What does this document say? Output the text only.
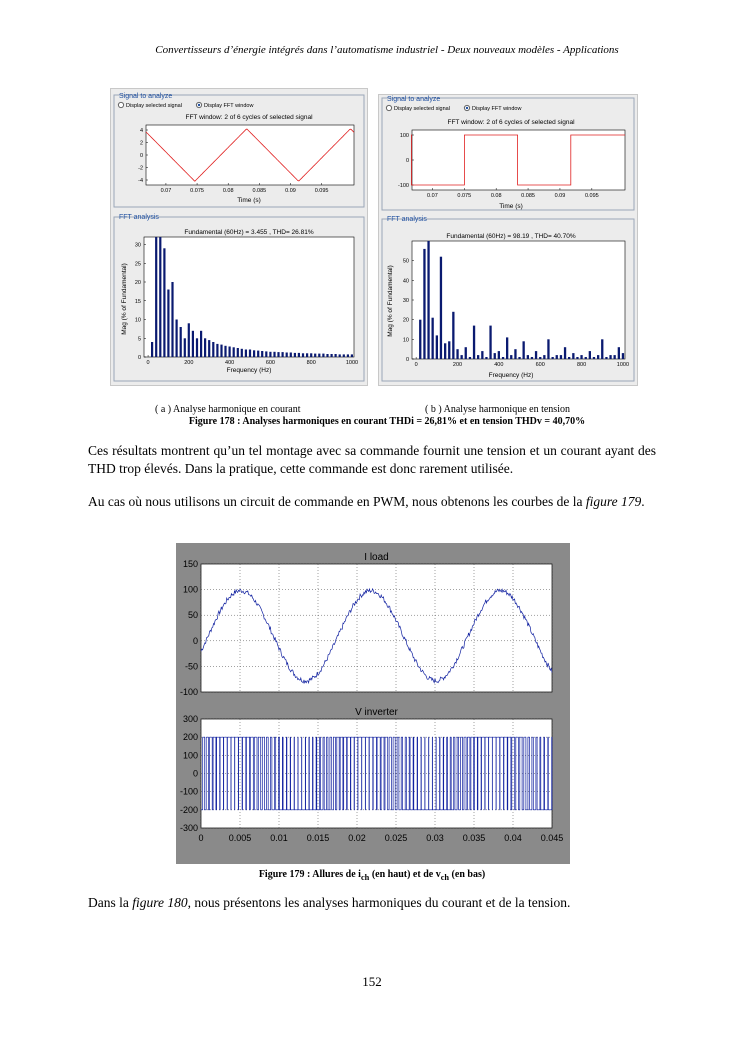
Convertisseurs d’énergie intégrés dans l’automatisme industriel - Deux nouveaux modèles - Applications
Signal to analyze
Display selected signal	Display FFT window
FFT window: 2 of 6 cycles of selected signal
0.07	0.075	0.08	0.085	0.09	0.095
4
2
0
-2
-4
Time (s)
FFT analysis
Fundamental (60Hz) = 3.455 , THD= 26.81%
0	200	400	600	800	1000
30
25
20
15
10
5
0
Frequency (Hz)
Mag (% of Fundamental)
Signal to analyze
Display selected signal	Display FFT window
FFT window: 2 of 6 cycles of selected signal
0.07	0.075	0.08	0.085	0.09	0.095
100
0
-100
Time (s)
FFT analysis
Fundamental (60Hz) = 98.19 , THD= 40.70%
0	200	400	600	800	1000
50
40
30
20
10
0
Frequency (Hz)
Mag (% of Fundamental)
( a ) Analyse harmonique en courant	( b ) Analyse harmonique en tension
Figure 178 : Analyses harmoniques en courant THDi = 26,81% et en tension THDv = 40,70%
Ces résultats montrent qu’un tel montage avec sa commande fournit une tension et un courant ayant des THD trop élevés. Dans la pratique, cette commande est donc rarement utilisée.
Au cas où nous utilisons un circuit de commande en PWM, nous obtenons les courbes de la figure 179.
I load
150
100
50
0
-50
-100
V inverter
300
200
100
0
-100
-200
-300
0	0.005 0.01 0.015 0.02 0.025 0.03 0.035 0.04 0.045
Figure 179 : Allures de $i_{ch}$ (en haut) et de $v_{ch}$ (en bas)
Dans la figure 180, nous présentons les analyses harmoniques du courant et de la tension.
152
